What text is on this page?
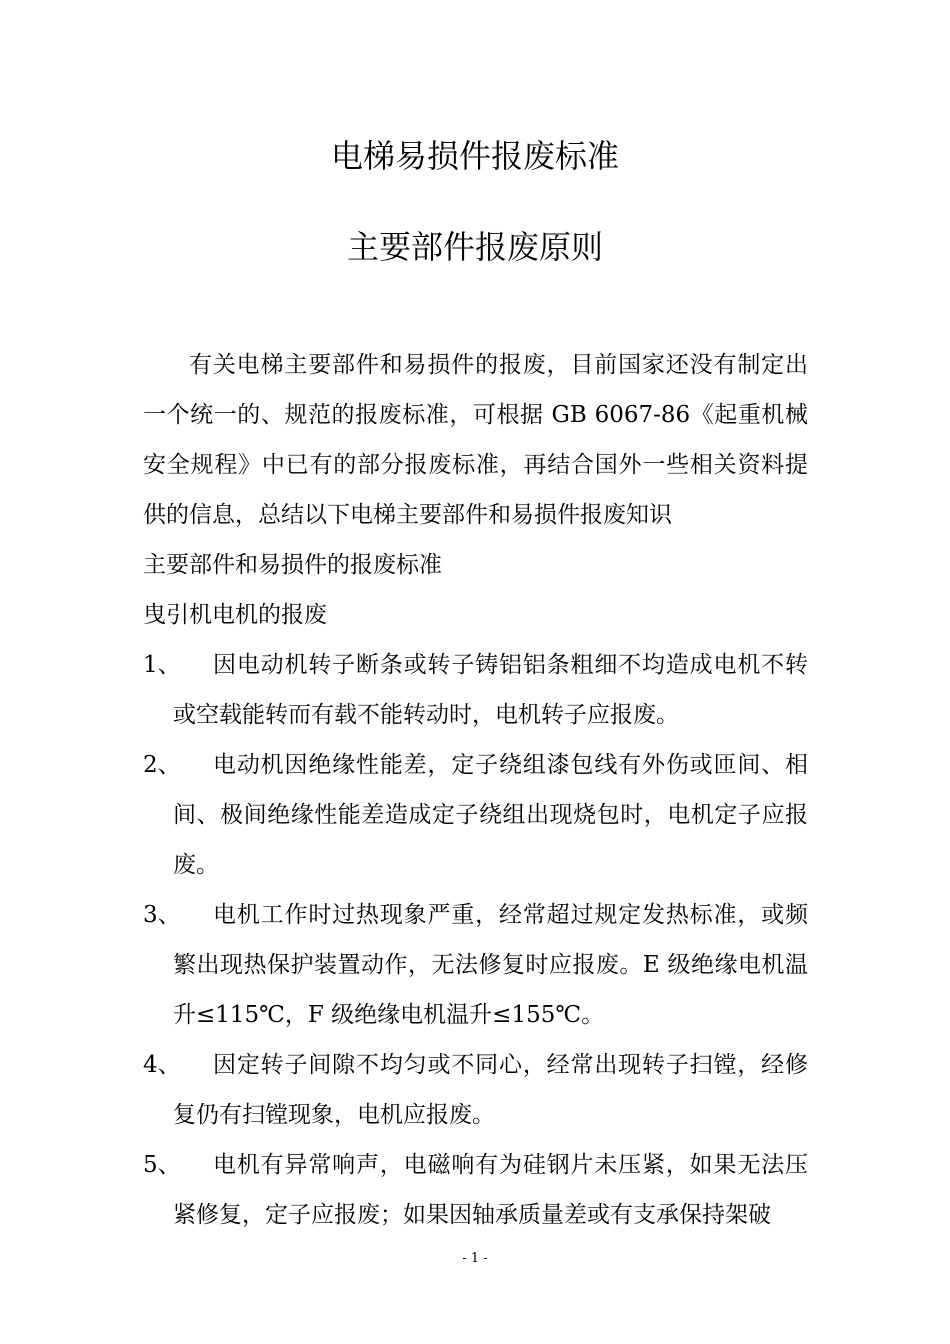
电梯易损件报废标准
主要部件报废原则

有关电梯主要部件和易损件的报废，目前国家还没有制定出一个统一的、规范的报废标准，可根据 GB 6067-86《起重机械安全规程》中已有的部分报废标准，再结合国外一些相关资料提供的信息，总结以下电梯主要部件和易损件报废知识

主要部件和易损件的报废标准

曳引机电机的报废

1、	因电动机转子断条或转子铸铝铝条粗细不均造成电机不转或空载能转而有载不能转动时，电机转子应报废。
2、	电动机因绝缘性能差，定子绕组漆包线有外伤或匝间、相间、极间绝缘性能差造成定子绕组出现烧包时，电机定子应报废。
3、	电机工作时过热现象严重，经常超过规定发热标准，或频繁出现热保护装置动作，无法修复时应报废。E 级绝缘电机温升≤115℃，F 级绝缘电机温升≤155℃。
4、	因定转子间隙不均匀或不同心，经常出现转子扫镗，经修复仍有扫镗现象，电机应报废。
5、	电机有异常响声，电磁响有为硅钢片未压紧，如果无法压紧修复，定子应报废；如果因轴承质量差或有支承保持架破
- 1 -
